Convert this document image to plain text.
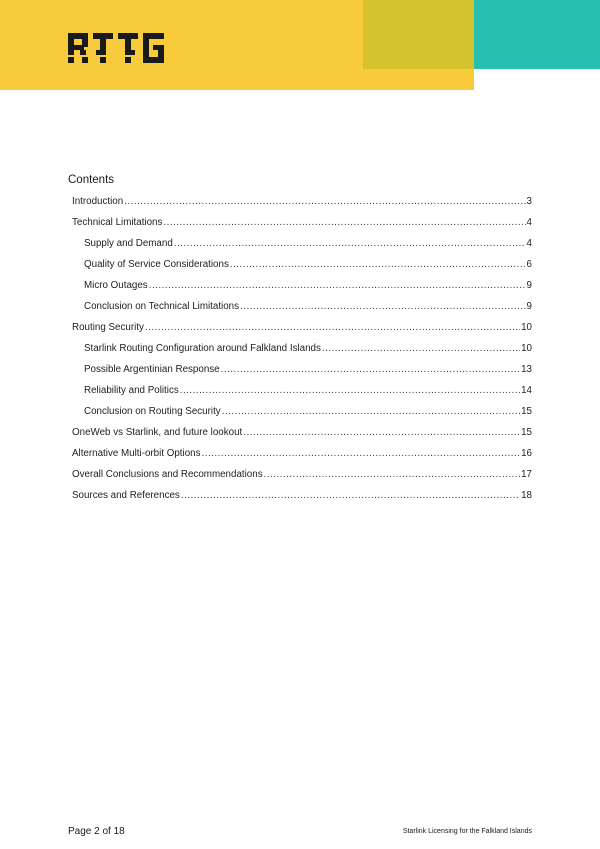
Contents
Introduction .....	3
Technical Limitations .....	4
Supply and Demand .....	4
Quality of Service Considerations .....	6
Micro Outages .....	9
Conclusion on Technical Limitations .....	9
Routing Security .....	10
Starlink Routing Configuration around Falkland Islands .....	10
Possible Argentinian Response .....	13
Reliability and Politics .....	14
Conclusion on Routing Security .....	15
OneWeb vs Starlink, and future lookout .....	15
Alternative Multi-orbit Options .....	16
Overall Conclusions and Recommendations .....	17
Sources and References .....	18
Page 2 of 18	Starlink Licensing for the Falkland Islands
